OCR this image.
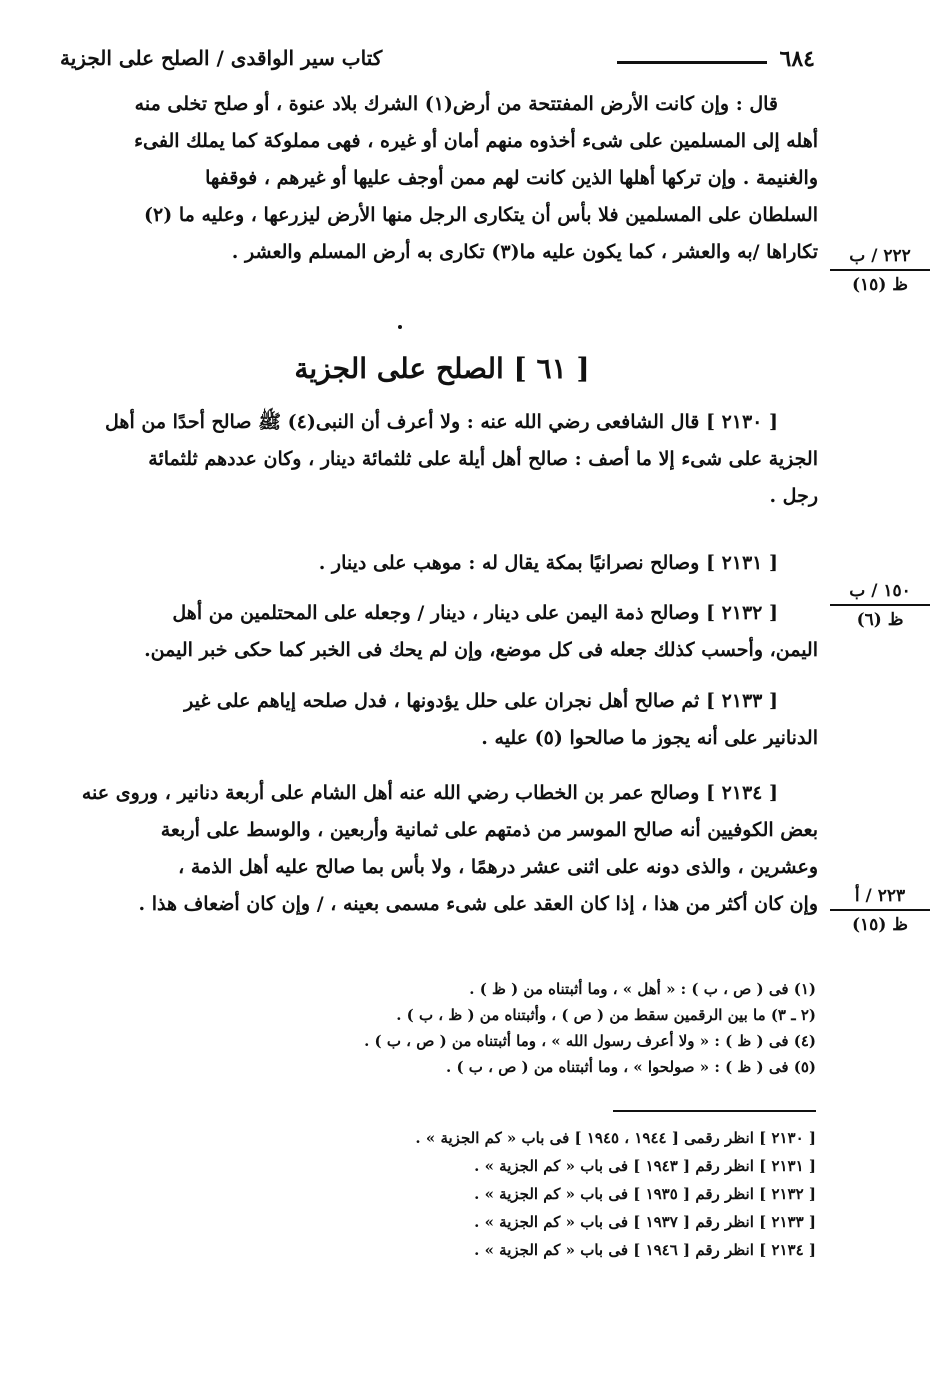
٦٨٤
كتاب سير الواقدى / الصلح على الجزية
قال : وإن كانت الأرض المفتتحة من أرض(١) الشرك بلاد عنوة ، أو صلح تخلى منه
أهله إلى المسلمين على شىء أخذوه منهم أمان أو غيره ، فهى مملوكة كما يملك الفىء
والغنيمة . وإن تركها أهلها الذين كانت لهم ممن أوجف عليها أو غيرهم ، فوقفها
السلطان على المسلمين فلا بأس أن يتكارى الرجل منها الأرض ليزرعها ، وعليه ما (٢)
تكاراها /به والعشر ، كما يكون عليه ما(٣) تكارى به أرض المسلم والعشر .
[ ٦١ ] الصلح على الجزية
[ ٢١٣٠ ] قال الشافعى رضي الله عنه : ولا أعرف أن النبى(٤) ﷺ صالح أحدًا من أهل
الجزية على شىء إلا ما أصف : صالح أهل أيلة على ثلثمائة دينار ، وكان عددهم ثلثمائة
رجل .
[ ٢١٣١ ] وصالح نصرانيًا بمكة يقال له : موهب على دينار .
[ ٢١٣٢ ] وصالح ذمة اليمن على دينار ، دينار / وجعله على المحتلمين من أهل
اليمن، وأحسب كذلك جعله فى كل موضع، وإن لم يحك فى الخبر كما حكى خبر اليمن.
[ ٢١٣٣ ] ثم صالح أهل نجران على حلل يؤدونها ، فدل صلحه إياهم على غير
الدنانير على أنه يجوز ما صالحوا (٥) عليه .
[ ٢١٣٤ ] وصالح عمر بن الخطاب رضي الله عنه أهل الشام على أربعة دنانير ، وروى عنه
بعض الكوفيين أنه صالح الموسر من ذمتهم على ثمانية وأربعين ، والوسط على أربعة
وعشرين ، والذى دونه على اثنى عشر درهمًا ، ولا بأس بما صالح عليه أهل الذمة ،
وإن كان أكثر من هذا ، إذا كان العقد على شىء مسمى بعينه ، / وإن كان أضعاف هذا .
٢٢٢ / ب
ظ (١٥)
١٥٠ / ب
ظ (٦)
٢٢٣ / أ
ظ (١٥)
(١) فى ( ص ، ب ) : « أهل » ، وما أثبتناه من ( ظ ) .
(٢ ـ ٣) ما بين الرقمين سقط من ( ص ) ، وأثبتناه من ( ظ ، ب ) .
(٤) فى ( ظ ) : « ولا أعرف رسول الله » ، وما أثبتناه من ( ص ، ب ) .
(٥) فى ( ظ ) : « صولحوا » ، وما أثبتناه من ( ص ، ب ) .
[ ٢١٣٠ ] انظر رقمى [ ١٩٤٤ ، ١٩٤٥ ] فى باب « كم الجزية » .
[ ٢١٣١ ] انظر رقم [ ١٩٤٣ ] فى باب « كم الجزية » .
[ ٢١٣٢ ] انظر رقم [ ١٩٣٥ ] فى باب « كم الجزية » .
[ ٢١٣٣ ] انظر رقم [ ١٩٣٧ ] فى باب « كم الجزية » .
[ ٢١٣٤ ] انظر رقم [ ١٩٤٦ ] فى باب « كم الجزية » .
